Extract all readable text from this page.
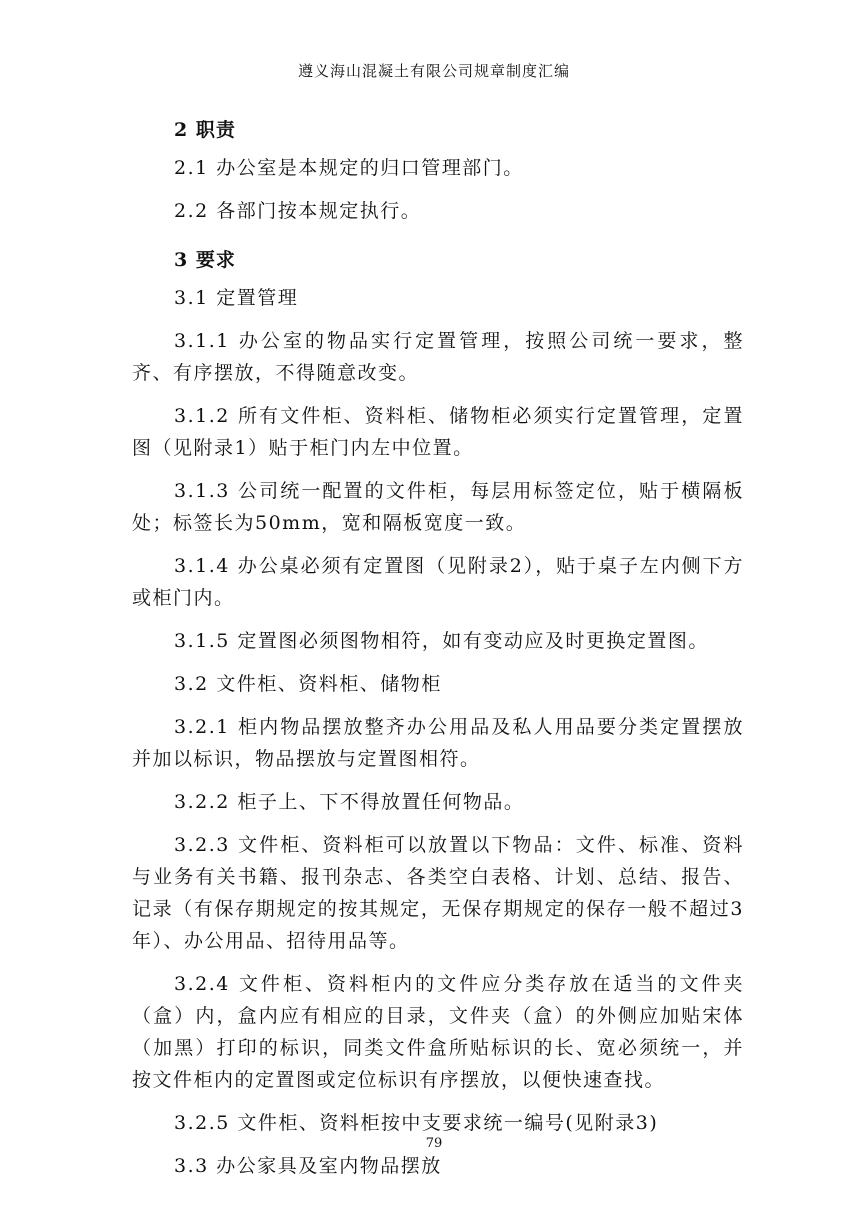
遵义海山混凝土有限公司规章制度汇编

2 职责

2.1 办公室是本规定的归口管理部门。

2.2 各部门按本规定执行。

3 要求

3.1 定置管理

3.1.1 办公室的物品实行定置管理，按照公司统一要求，整齐、有序摆放，不得随意改变。

3.1.2 所有文件柜、资料柜、储物柜必须实行定置管理，定置图（见附录1）贴于柜门内左中位置。

3.1.3 公司统一配置的文件柜，每层用标签定位，贴于横隔板处；标签长为50mm，宽和隔板宽度一致。

3.1.4 办公桌必须有定置图（见附录2），贴于桌子左内侧下方或柜门内。

3.1.5 定置图必须图物相符，如有变动应及时更换定置图。

3.2 文件柜、资料柜、储物柜

3.2.1 柜内物品摆放整齐办公用品及私人用品要分类定置摆放并加以标识，物品摆放与定置图相符。

3.2.2 柜子上、下不得放置任何物品。

3.2.3 文件柜、资料柜可以放置以下物品：文件、标准、资料与业务有关书籍、报刊杂志、各类空白表格、计划、总结、报告、记录（有保存期规定的按其规定，无保存期规定的保存一般不超过3年）、办公用品、招待用品等。

3.2.4 文件柜、资料柜内的文件应分类存放在适当的文件夹（盒）内，盒内应有相应的目录，文件夹（盒）的外侧应加贴宋体（加黑）打印的标识，同类文件盒所贴标识的长、宽必须统一，并按文件柜内的定置图或定位标识有序摆放，以便快速查找。

3.2.5 文件柜、资料柜按中支要求统一编号(见附录3)

3.3 办公家具及室内物品摆放

79
